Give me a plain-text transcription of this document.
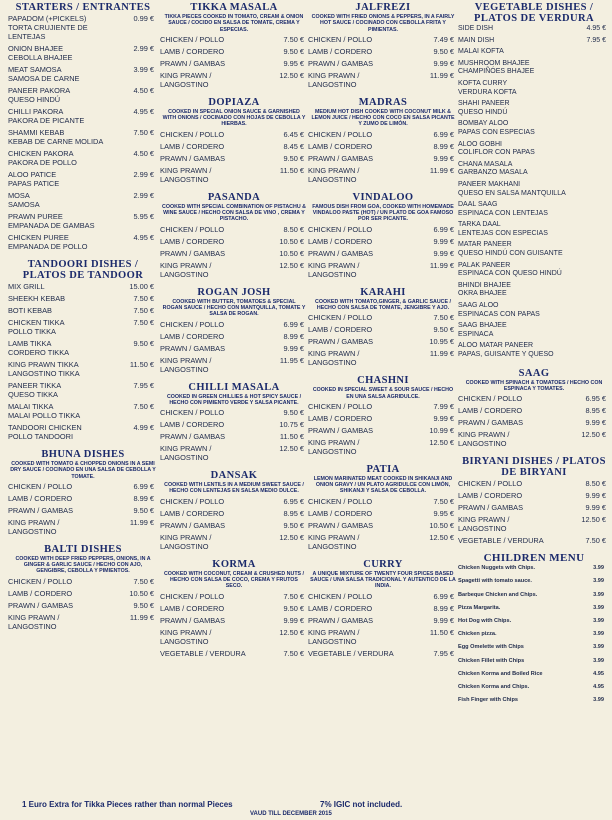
STARTERS / ENTRANTES
PAPADOM (+PICKELS)
TORTA CRUJIENTE DE LENTEJAS
0.99 €
ONION BHAJEE
CEBOLLA BHAJEE
2.99 €
MEAT SAMOSA
SAMOSA DE CARNE
3.99 €
PANEER PAKORA
QUESO HINDÚ
4.50 €
CHILLI PAKORA
PAKORA DE PICANTE
4.95 €
SHAMMI KEBAB
KEBAB DE CARNE MOLIDA
7.50 €
CHICKEN PAKORA
PAKORA DE POLLO
4.50 €
ALOO PATICE
PAPAS PATICE
2.99 €
MOSA
SAMOSA
2.99 €
PRAWN PUREE
EMPANADA DE GAMBAS
5.95 €
CHICKEN PUREE
EMPANADA DE POLLO
4.95 €
TANDOORI DISHES / PLATOS DE TANDOOR
MIX GRILL	15.00 €
SHEEKH KEBAB	7.50 €
BOTI KEBAB	7.50 €
CHICKEN TIKKA
POLLO TIKKA
7.50 €
LAMB TIKKA
CORDERO TIKKA
9.50 €
KING PRAWN TIKKA
LANGOSTINO TIKKA
11.50 €
PANEER TIKKA
QUESO TIKKA
7.95 €
MALAI TIKKA
MALAI POLLO TIKKA
7.50 €
TANDOORI CHICKEN
POLLO TANDOORI
4.99 €
BHUNA DISHES
COOKED WITH TOMATO & CHOPPED ONIONS IN A SEMI DRY SAUCE / COCINADO EN UNA SALSA DE CEBOLLA Y TOMATE.
CHICKEN / POLLO	6.99 €
LAMB / CORDERO	8.99 €
PRAWN / GAMBAS	9.50 €
KING PRAWN /
LANGOSTINO
11.99 €
BALTI DISHES
COOKED WITH DEEP FRIED PEPPERS, ONIONS, IN A GINGER & GARLIC SAUCE / HECHO CON AJO, GENGIBRE, CEBOLLA Y PIMIENTOS.
CHICKEN / POLLO	7.50 €
LAMB / CORDERO	10.50 €
PRAWN / GAMBAS	9.50 €
KING PRAWN /
LANGOSTINO
11.99 €
TIKKA MASALA
TIKKA PIECES COOKED IN TOMATO, CREAM & ONION SAUCE / COCIDO EN SALSA DE TOMATE, CREMA Y ESPECIAS.
CHICKEN / POLLO	7.50 €
LAMB / CORDERO	9.50 €
PRAWN / GAMBAS	9.95 €
KING PRAWN /
LANGOSTINO
12.50 €
DOPIAZA
COOKED IN SPECIAL ONION SAUCE & GARNISHED WITH ONIONS / COCINADO CON HOJAS DE CEBOLLA Y HIERBAS.
CHICKEN / POLLO	6.45 €
LAMB / CORDERO	8.45 €
PRAWN / GAMBAS	9.50 €
KING PRAWN /
LANGOSTINO
11.50 €
PASANDA
COOKED WITH SPECIAL COMBINATION OF PISTACHU & WINE SAUCE / HECHO CON SALSA DE VINO , CREMA Y PISTACHO.
CHICKEN / POLLO	8.50 €
LAMB / CORDERO	10.50 €
PRAWN / GAMBAS	10.50 €
KING PRAWN /
LANGOSTINO
12.50 €
ROGAN JOSH
COOKED WITH BUTTER, TOMATOES & SPECIAL ROGAN SAUCE / HECHO CON MANTQUILLA, TOMATE Y SALSA DE ROGAN.
CHICKEN / POLLO	6.99 €
LAMB / CORDERO	8.99 €
PRAWN / GAMBAS	9.99 €
KING PRAWN /
LANGOSTINO
11.95 €
CHILLI MASALA
COOKED IN GREEN CHILLIES & HOT SPICY SAUCE / HECHO CON PIMIENTO VERDE Y SALSA PICANTE.
CHICKEN / POLLO	9.50 €
LAMB / CORDERO	10.75 €
PRAWN / GAMBAS	11.50 €
KING PRAWN /
LANGOSTINO
12.50 €
DANSAK
COOKED WITH LENTILS IN A MEDIUM SWEET SAUCE / HECHO CON LENTEJAS EN SALSA MEDIO DULCE.
CHICKEN / POLLO	6.95 €
LAMB / CORDERO	8.95 €
PRAWN / GAMBAS	9.50 €
KING PRAWN /
LANGOSTINO
12.50 €
KORMA
COOKED WITH COCONUT, CREAM & CRUSHED NUTS / HECHO CON SALSA DE COCO, CREMA Y FRUTOS SECO.
CHICKEN / POLLO	7.50 €
LAMB / CORDERO	9.50 €
PRAWN / GAMBAS	9.99 €
KING PRAWN /
LANGOSTINO
12.50 €
VEGETABLE / VERDURA	7.50 €
JALFREZI
COOKED WITH FRIED ONIONS & PEPPERS, IN A FAIRLY HOT SAUCE / COCINADO CON CEBOLLA FRITA Y PIMIENTAS.
CHICKEN / POLLO	7.49 €
LAMB / CORDERO	9.50 €
PRAWN / GAMBAS	9.99 €
KING PRAWN /
LANGOSTINO
11.99 €
MADRAS
MEDIUM HOT DISH COOKED WITH COCONUT MILK & LEMON JUICE / HECHO CON COCO EN SALSA PICANTE Y ZUMO DE LIMÓN.
CHICKEN / POLLO	6.99 €
LAMB / CORDERO	8.99 €
PRAWN / GAMBAS	9.99 €
KING PRAWN /
LANGOSTINO
11.99 €
VINDALOO
FAMOUS DISH FROM GOA, COOKED WITH HOMEMADE VINDALOO PASTE (HOT) / UN PLATO DE GOA FAMOSO POR SER PICANTE.
CHICKEN / POLLO	6.99 €
LAMB / CORDERO	9.99 €
PRAWN / GAMBAS	9.99 €
KING PRAWN /
LANGOSTINO
11.99 €
KARAHI
COOKED WITH TOMATO,GINGER, & GARLIC SAUCE / HECHO CON SALSA DE TOMATE, JENGIBRE Y AJO.
CHICKEN / POLLO	7.50 €
LAMB / CORDERO	9.50 €
PRAWN / GAMBAS	10.95 €
KING PRAWN /
LANGOSTINO
11.99 €
CHASHNI
COOKED IN SPECIAL SWEET & SOUR SAUCE / HECHO EN UNA SALSA AGRIDULCE.
CHICKEN / POLLO	7.99 €
LAMB / CORDERO	9.99 €
PRAWN / GAMBAS	10.99 €
KING PRAWN /
LANGOSTINO
12.50 €
PATIA
LEMON MARINATED MEAT COOKED IN SHIKANJI AND ONION GRAVY / UN PLATO AGRIDULCE CON LIMÓN, SHIKANJI Y SALSA DE CEBOLLA.
CHICKEN / POLLO	7.50 €
LAMB / CORDERO	9.95 €
PRAWN / GAMBAS	10.50 €
KING PRAWN /
LANGOSTINO
12.50 €
CURRY
A UNIQUE MIXTURE OF TWENTY FOUR SPICES BASED SAUCE / UNA SALSA TRADICIONAL Y AUTENTICO DE LA INDIA.
CHICKEN / POLLO	6.99 €
LAMB / CORDERO	8.99 €
PRAWN / GAMBAS	9.99 €
KING PRAWN /
LANGOSTINO
11.50 €
VEGETABLE / VERDURA	7.95 €
VEGETABLE DISHES / PLATOS DE VERDURA
SIDE DISH	4.95 €
MAIN DISH	7.95 €
MALAI KOFTA
MUSHROOM BHAJEE
CHAMPIÑÓES BHAJEE
KOFTA CURRY
VERDURA KOFTA
SHAHI PANEER
QUESO HINDÚ
BOMBAY ALOO
PAPAS CON ESPECIAS
ALOO GOBHI
COLIFLOR CON PAPAS
CHANA MASALA
GARBANZO MASALA
PANEER MAKHANI
QUESO EN SALSA MANTQUILLA
DAAL SAAG
ESPINACA CON LENTEJAS
TARKA DAAL
LENTEJAS CON ESPECIAS
MATAR PANEER
QUESO HINDÚ CON GUISANTE
PALAK PANEER
ESPINACA CON QUESO HINDÚ
BHINDI BHAJEE
OKRA BHAJEE
SAAG ALOO
ESPINACAS CON PAPAS
SAAG BHAJEE
ESPINACA
ALOO MATAR PANEER
PAPAS, GUISANTE Y QUESO
SAAG
COOKED WITH SPINACH & TOMATOES / HECHO CON ESPINACA Y TOMATES.
CHICKEN / POLLO	6.95 €
LAMB / CORDERO	8.95 €
PRAWN / GAMBAS	9.99 €
KING PRAWN /
LANGOSTINO
12.50 €
BIRYANI DISHES / PLATOS DE BIRYANI
CHICKEN / POLLO	8.50 €
LAMB / CORDERO	9.99 €
PRAWN / GAMBAS	9.99 €
KING PRAWN /
LANGOSTINO
12.50 €
VEGETABLE / VERDURA	7.50 €
CHILDREN MENU
Chicken Nuggets with Chips.	3.99
Spagetti with tomato sauce.	3.99
Barbeque Chicken and Chips.	3.99
Pizza Margarita.	3.99
Hot Dog with Chips.	3.99
Chicken pizza.	3.99
Egg Omelette with Chips	3.99
Chicken Fillet with Chips	3.99
Chicken Korma and Boiled Rice	4.95
Chicken Korma and Chips.	4.95
Fish Finger with Chips	3.99
1 Euro Extra for Tikka Pieces rather than normal Pieces	7% IGIC not included.
VAUD TILL DECEMBER 2015
